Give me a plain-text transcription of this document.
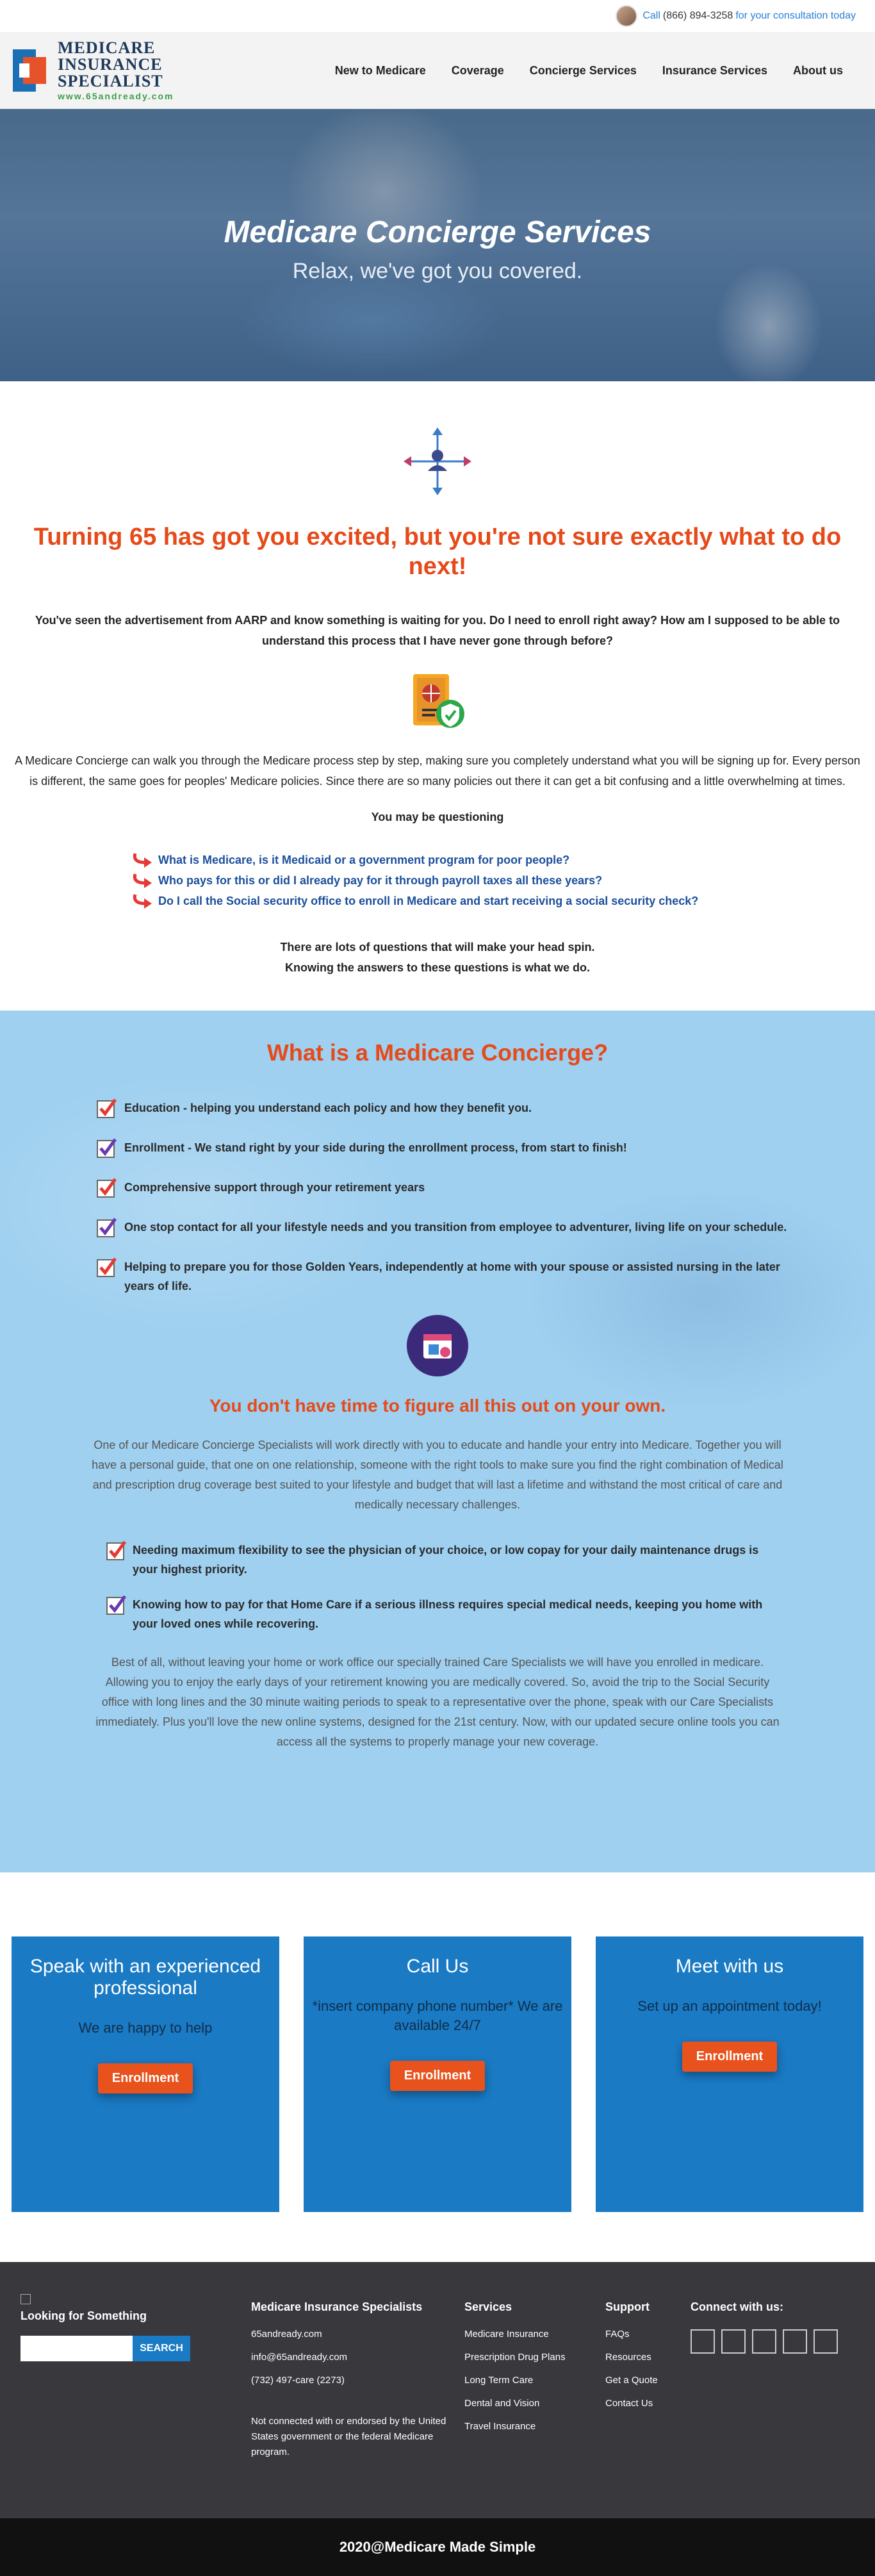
Call (866) 894-3258 for your consultation today
MEDICARE
INSURANCE
SPECIALIST
www.65andready.com
New to Medicare Coverage Concierge Services Insurance Services About us
Medicare Concierge Services

Relax, we've got you covered.

Turning 65 has got you excited, but you're not sure exactly what to do next!

You've seen the advertisement from AARP and know something is waiting for you. Do I need to enroll right away? How am I supposed to be able to understand this process that I have never gone through before?

A Medicare Concierge can walk you through the Medicare process step by step, making sure you completely understand what you will be signing up for. Every person is different, the same goes for peoples' Medicare policies. Since there are so many policies out there it can get a bit confusing and a little overwhelming at times.

You may be questioning

What is Medicare, is it Medicaid or a government program for poor people?
Who pays for this or did I already pay for it through payroll taxes all these years?
Do I call the Social security office to enroll in Medicare and start receiving a social security check?
There are lots of questions that will make your head spin.
Knowing the answers to these questions is what we do.
What is a Medicare Concierge?
Education - helping you understand each policy and how they benefit you.
Enrollment - We stand right by your side during the enrollment process, from start to finish!
Comprehensive support through your retirement years
One stop contact for all your lifestyle needs and you transition from employee to adventurer, living life on your schedule.
Helping to prepare you for those Golden Years, independently at home with your spouse or assisted nursing in the later years of life.
You don't have time to figure all this out on your own.

One of our Medicare Concierge Specialists will work directly with you to educate and handle your entry into Medicare. Together you will have a personal guide, that one on one relationship, someone with the right tools to make sure you find the right combination of Medical and prescription drug coverage best suited to your lifestyle and budget that will last a lifetime and withstand the most critical of care and medically necessary challenges.

Needing maximum flexibility to see the physician of your choice, or low copay for your daily maintenance drugs is your highest priority.
Knowing how to pay for that Home Care if a serious illness requires special medical needs, keeping you home with your loved ones while recovering.

Best of all, without leaving your home or work office our specially trained Care Specialists we will have you enrolled in medicare. Allowing you to enjoy the early days of your retirement knowing you are medically covered. So, avoid the trip to the Social Security office with long lines and the 30 minute waiting periods to speak to a representative over the phone, speak with our Care Specialists immediately. Plus you'll love the new online systems, designed for the 21st century. Now, with our updated secure online tools you can access all the systems to properly manage your new coverage.

Speak with an experienced professional

We are happy to help

Enrollment
Call Us

*insert company phone number* We are available 24/7

Enrollment
Meet with us

Set up an appointment today!

Enrollment
Looking for Something
SEARCH
Medicare Insurance Specialists
65andready.com
info@65andready.com
(732) 497-care (2273)
Not connected with or endorsed by the United States government or the federal Medicare program.
Services
Medicare Insurance
Prescription Drug Plans
Long Term Care
Dental and Vision
Travel Insurance
Support
FAQs
Resources
Get a Quote
Contact Us
Connect with us:
2020@Medicare Made Simple
